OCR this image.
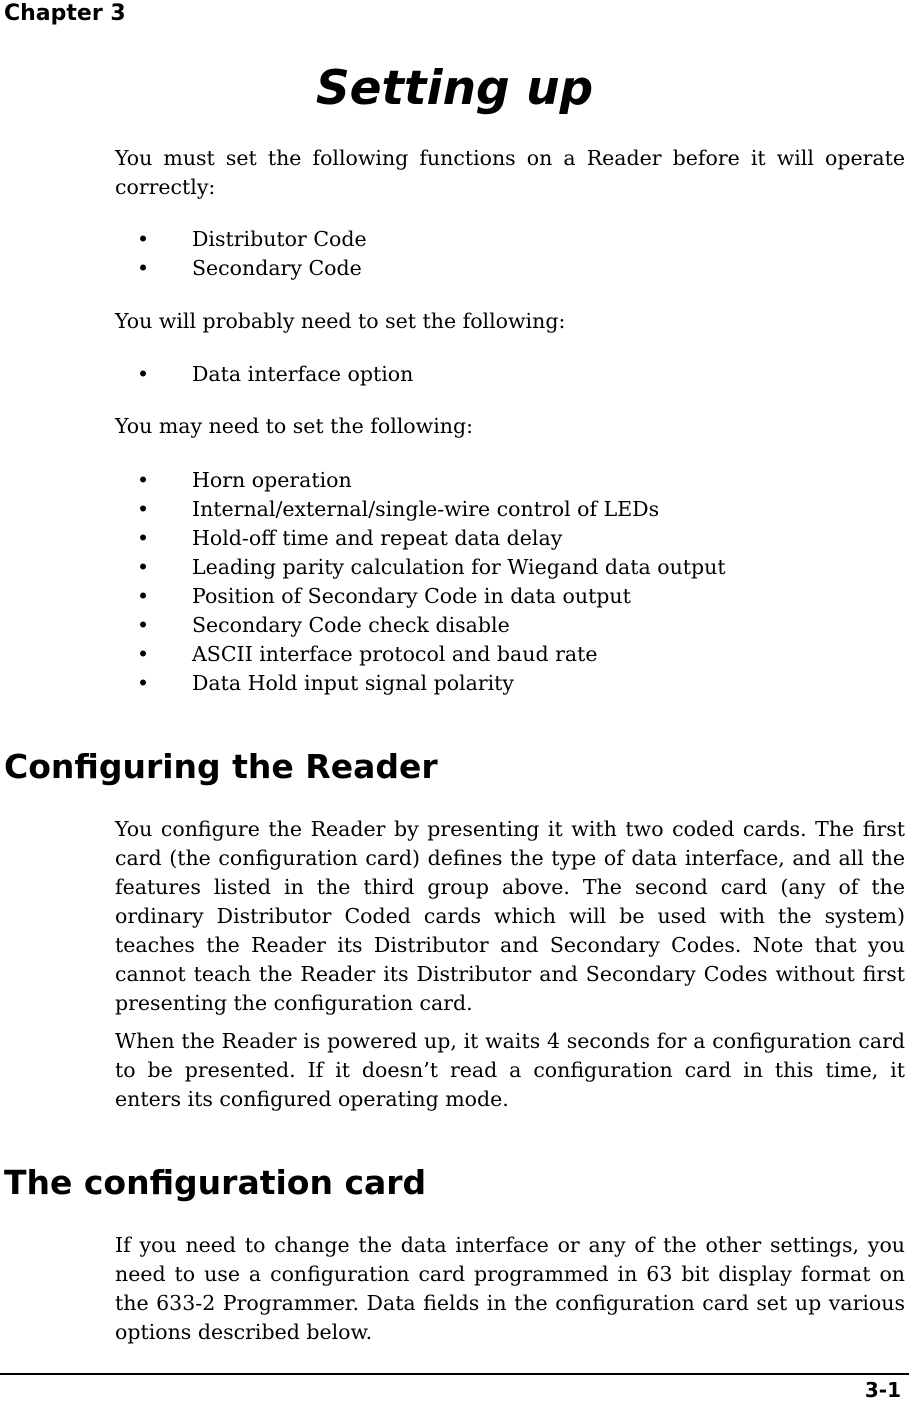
Chapter 3
Setting up

You must set the following functions on a Reader before it will operate correctly:

• Distributor Code
• Secondary Code

You will probably need to set the following:

• Data interface option

You may need to set the following:

• Horn operation
• Internal/external/single-wire control of LEDs
• Hold-off time and repeat data delay
• Leading parity calculation for Wiegand data output
• Position of Secondary Code in data output
• Secondary Code check disable
• ASCII interface protocol and baud rate
• Data Hold input signal polarity
Configuring the Reader

You configure the Reader by presenting it with two coded cards. The first card (the configuration card) defines the type of data interface, and all the features listed in the third group above. The second card (any of the ordinary Distributor Coded cards which will be used with the system) teaches the Reader its Distributor and Secondary Codes. Note that you cannot teach the Reader its Distributor and Secondary Codes without first presenting the configuration card.

When the Reader is powered up, it waits 4 seconds for a configuration card to be presented. If it doesn’t read a configuration card in this time, it enters its configured operating mode.

The configuration card

If you need to change the data interface or any of the other settings, you need to use a configuration card programmed in 63 bit display format on the 633-2 Programmer. Data fields in the configuration card set up various options described below.

3-1
